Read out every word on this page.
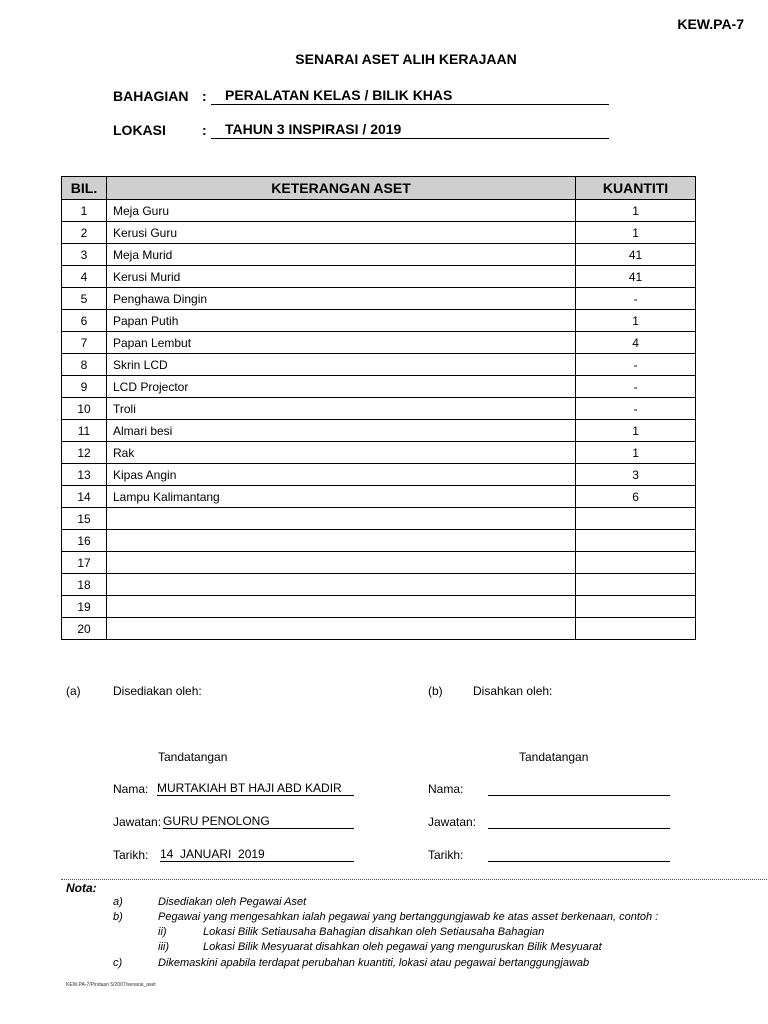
KEW.PA-7
SENARAI ASET ALIH KERAJAAN
BAHAGIAN :	PERALATAN KELAS / BILIK KHAS
LOKASI	:	TAHUN 3 INSPIRASI / 2019
BIL.	KETERANGAN ASET	KUANTITI
1	Meja Guru	1
2	Kerusi Guru	1
3	Meja Murid	41
4	Kerusi Murid	41
5	Penghawa Dingin	-
6	Papan Putih	1
7	Papan Lembut	4
8	Skrin LCD	-
9	LCD Projector	-
10	Troli	-
11	Almari besi	1
12	Rak	1
13	Kipas Angin	3
14	Lampu Kalimantang	6
15		
16		
17		
18		
19		
20		
(a)	Disediakan oleh:
Tandatangan
Nama: MURTAKIAH BT HAJI ABD KADIR
Jawatan: GURU PENOLONG
Tarikh: 14  JANUARI  2019
(b)	Disahkan oleh:
Tandatangan
Nama:
Jawatan:
Tarikh:
Nota:
a)	Disediakan oleh Pegawai Aset
b)	Pegawai yang mengesahkan ialah pegawai yang bertanggungjawab ke atas asset berkenaan, contoh :
ii)	Lokasi Bilik Setiausaha Bahagian disahkan oleh Setiausaha Bahagian
iii)	Lokasi Bilik Mesyuarat disahkan oleh pegawai yang menguruskan Bilik Mesyuarat
c)	Dikemaskini apabila terdapat perubahan kuantiti, lokasi atau pegawai bertanggungjawab
KEW.PA-7/Pindaan 5/2007/senarai_aset
